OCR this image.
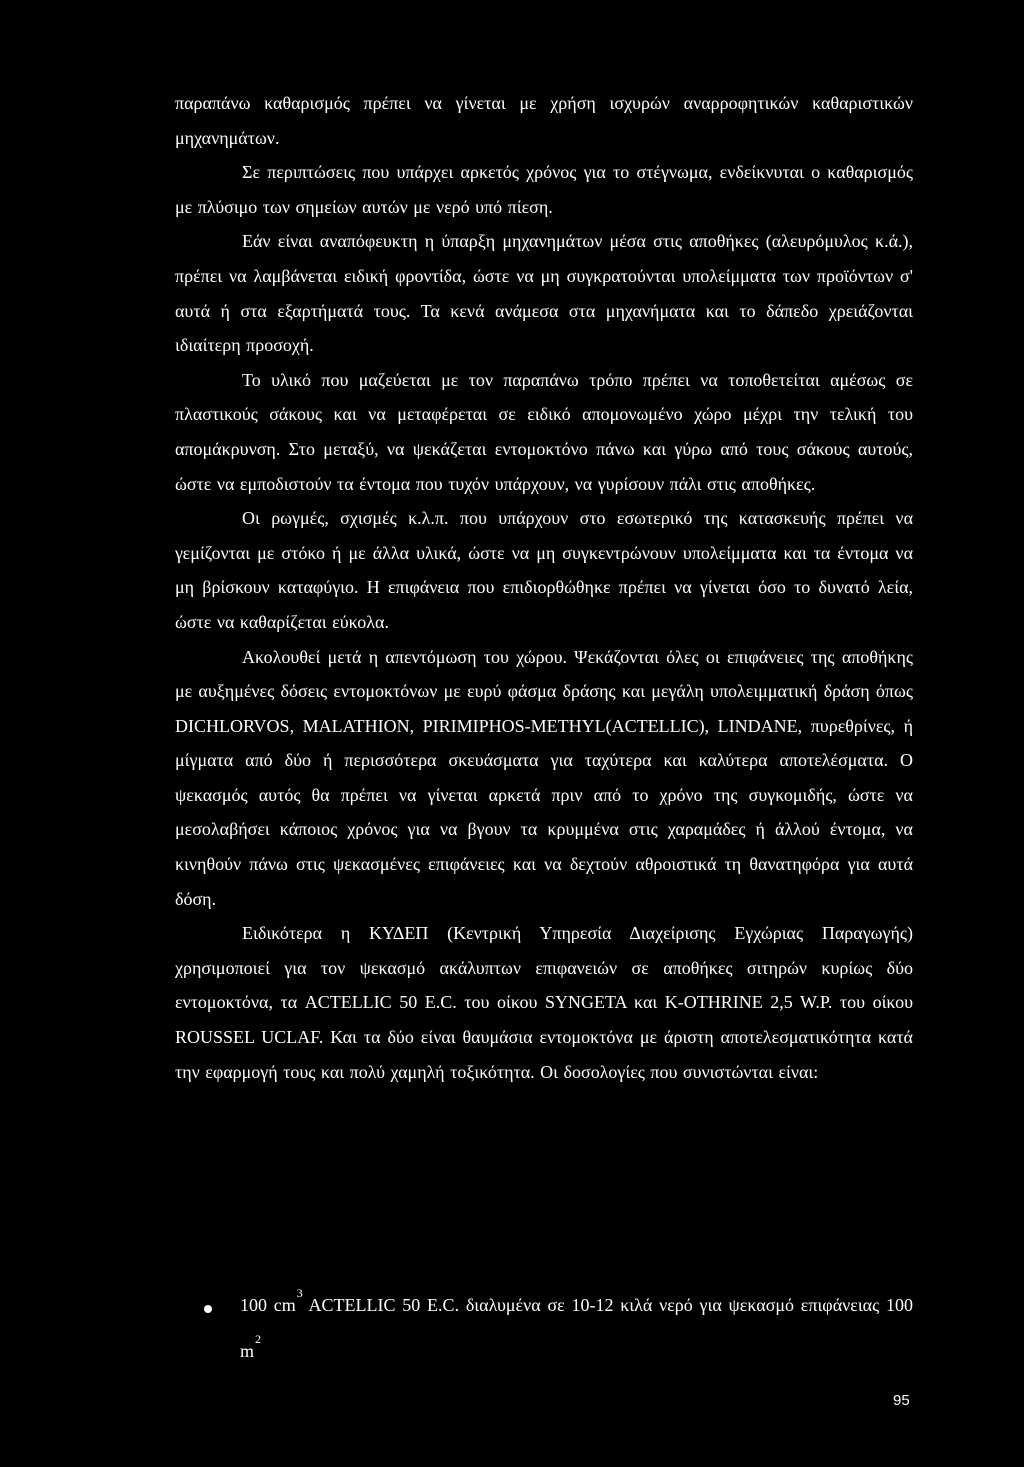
παραπάνω καθαρισμός πρέπει να γίνεται με χρήση ισχυρών αναρροφητικών καθαριστικών μηχανημάτων.

Σε περιπτώσεις που υπάρχει αρκετός χρόνος για το στέγνωμα, ενδείκνυται ο καθαρισμός με πλύσιμο των σημείων αυτών με νερό υπό πίεση.

Εάν είναι αναπόφευκτη η ύπαρξη μηχανημάτων μέσα στις αποθήκες (αλευρόμυλος κ.ά.), πρέπει να λαμβάνεται ειδική φροντίδα, ώστε να μη συγκρατούνται υπολείμματα των προϊόντων σ' αυτά ή στα εξαρτήματά τους. Τα κενά ανάμεσα στα μηχανήματα και το δάπεδο χρειάζονται ιδιαίτερη προσοχή.

Το υλικό που μαζεύεται με τον παραπάνω τρόπο πρέπει να τοποθετείται αμέσως σε πλαστικούς σάκους και να μεταφέρεται σε ειδικό απομονωμένο χώρο μέχρι την τελική του απομάκρυνση. Στο μεταξύ, να ψεκάζεται εντομοκτόνο πάνω και γύρω από τους σάκους αυτούς, ώστε να εμποδιστούν τα έντομα που τυχόν υπάρχουν, να γυρίσουν πάλι στις αποθήκες.

Οι ρωγμές, σχισμές κ.λ.π. που υπάρχουν στο εσωτερικό της κατασκευής πρέπει να γεμίζονται με στόκο ή με άλλα υλικά, ώστε να μη συγκεντρώνουν υπολείμματα και τα έντομα να μη βρίσκουν καταφύγιο. Η επιφάνεια που επιδιορθώθηκε πρέπει να γίνεται όσο το δυνατό λεία, ώστε να καθαρίζεται εύκολα.

Ακολουθεί μετά η απεντόμωση του χώρου. Ψεκάζονται όλες οι επιφάνειες της αποθήκης με αυξημένες δόσεις εντομοκτόνων με ευρύ φάσμα δράσης και μεγάλη υπολειμματική δράση όπως DICHLORVOS, MALATHION, PIRIMIPHOS-METHYL(ACTELLIC), LINDANE, πυρεθρίνες, ή μίγματα από δύο ή περισσότερα σκευάσματα για ταχύτερα και καλύτερα αποτελέσματα. Ο ψεκασμός αυτός θα πρέπει να γίνεται αρκετά πριν από το χρόνο της συγκομιδής, ώστε να μεσολαβήσει κάποιος χρόνος για να βγουν τα κρυμμένα στις χαραμάδες ή άλλού έντομα, να κινηθούν πάνω στις ψεκασμένες επιφάνειες και να δεχτούν αθροιστικά τη θανατηφόρα για αυτά δόση.

Ειδικότερα η ΚΥΔΕΠ (Κεντρική Υπηρεσία Διαχείρισης Εγχώριας Παραγωγής) χρησιμοποιεί για τον ψεκασμό ακάλυπτων επιφανειών σε αποθήκες σιτηρών κυρίως δύο εντομοκτόνα, τα ACTELLIC 50 E.C. του οίκου SYNGETA και K-OTHRINE 2,5 W.P. του οίκου ROUSSEL UCLAF. Και τα δύο είναι θαυμάσια εντομοκτόνα με άριστη αποτελεσματικότητα κατά την εφαρμογή τους και πολύ χαμηλή τοξικότητα. Οι δοσολογίες που συνιστώνται είναι:

100 $cm^3$ ACTELLIC 50 E.C. διαλυμένα σε 10-12 κιλά νερό για ψεκασμό επιφάνειας 100 $m^2$
95
